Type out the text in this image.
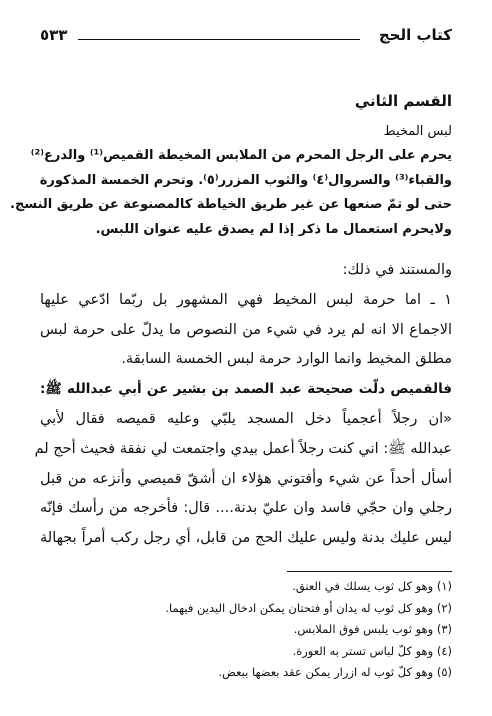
كتاب الحج
٥٣٣
القسم الثاني
لبس المخيط
يحرم على الرجل المحرم من الملابس المخيطة القميص⁽¹⁾ والدرع⁽²⁾
والقباء⁽³⁾ والسروال⁽٤⁾ والثوب المزرر⁽٥⁾. وتحرم الخمسة المذكورة
حتى لو تمّ صنعها عن غير طريق الخياطة كالمصنوعة عن طريق النسج.
ولايحرم استعمال ما ذكر إذا لم يصدق عليه عنوان اللبس.
والمستند في ذلك:
١ ـ اما حرمة لبس المخيط فهي المشهور بل ربّما ادّعي عليها
الاجماع الا انه لم يرد في شيء من النصوص ما يدلّ على حرمة لبس
مطلق المخيط وانما الوارد حرمة لبس الخمسة السابقة.
فالقميص دلّت صحيحة عبد الصمد بن بشير عن أبي عبدالله ﷺ:
«ان رجلاً أعجمياً دخل المسجد يلبّي وعليه قميصه فقال لأبي
عبدالله ﷺ: اني كنت رجلاً أعمل بيدي واجتمعت لي نفقة فحيث أحج لم
أسأل أحداً عن شيء وأفتوني هؤلاء ان أشقّ قميصي وأنزعه من قبل
رجلي وان حجّي فاسد وان عليّ بدنة.... قال: فأخرجه من رأسك فإنّه
ليس عليك بدنة وليس عليك الحج من قابل، أي رجل ركب أمراً بجهالة
(١) وهو كل ثوب يسلك في العنق.
(٢) وهو كل ثوب له يدان أو فتحتان يمكن ادخال اليدين فيهما.
(٣) وهو ثوب يلبس فوق الملابس.
(٤) وهو كلّ لباس تستر به العورة.
(٥) وهو كلّ ثوب له ازرار يمكن عقد بعضها ببعض.
